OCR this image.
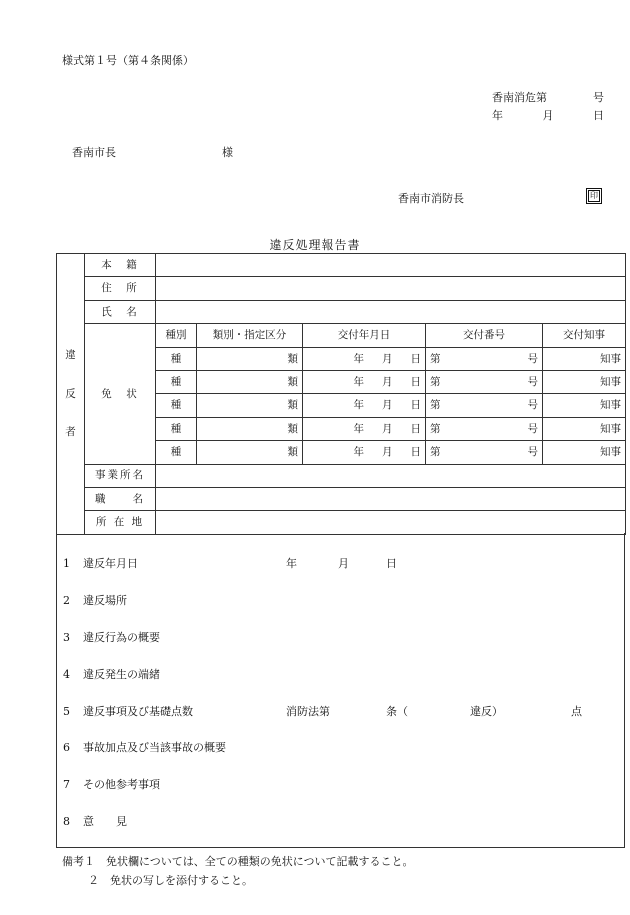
様式第１号（第４条関係）
香南消危第	号
年	月	日
香南市長	様
香南市消防長	印
違反処理報告書
違
反
者	本　籍					
	住　所					
	氏　名					
	免　状	種別	類別・指定区分	交付年月日	交付番号	交付知事
		種	類	年 月 日	第 号	知事
		種	類	年 月 日	第 号	知事
		種	類	年 月 日	第 号	知事
		種	類	年 月 日	第 号	知事
		種	類	年 月 日	第 号	知事
	事業所名					
	職　　名					
	所 在 地					
1 違反年月日	年	月	日
2 違反場所
3 違反行為の概要
4 違反発生の端緒
5 違反事項及び基礎点数	消防法第	条（	違反）	点
6 事故加点及び当該事故の概要
7 その他参考事項
8 意　　見
備考１　免状欄については、全ての種類の免状について記載すること。
２　免状の写しを添付すること。
